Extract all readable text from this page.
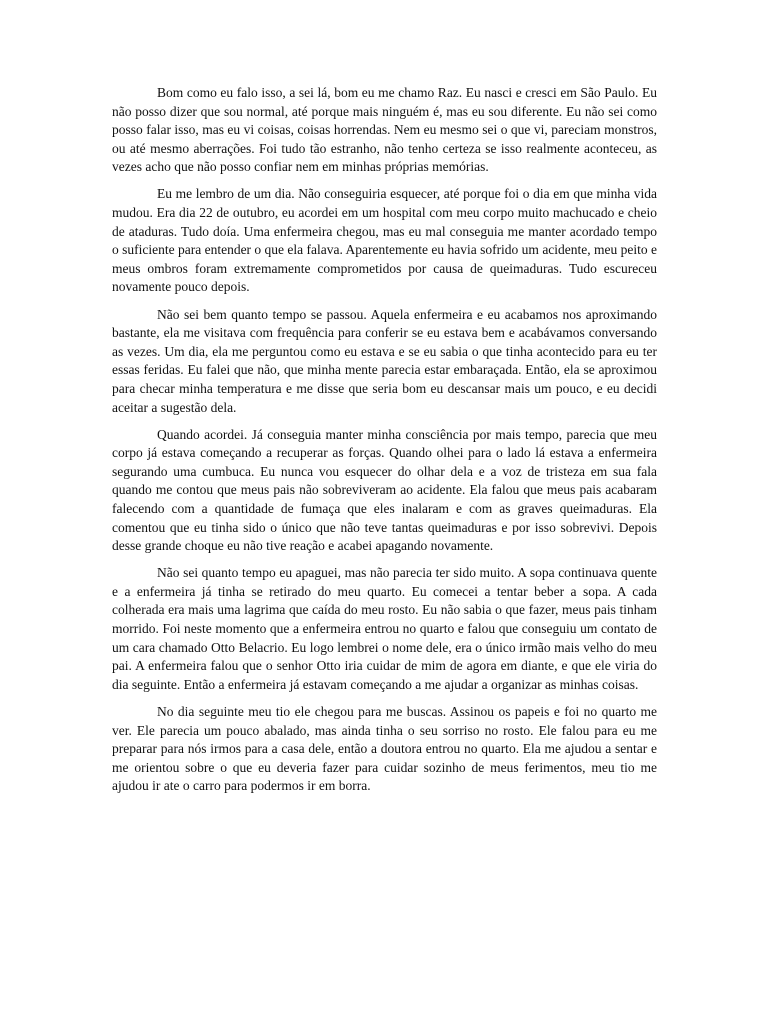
Bom como eu falo isso, a sei lá, bom eu me chamo Raz. Eu nasci e cresci em São Paulo. Eu não posso dizer que sou normal, até porque mais ninguém é, mas eu sou diferente. Eu não sei como posso falar isso, mas eu vi coisas, coisas horrendas. Nem eu mesmo sei o que vi, pareciam monstros, ou até mesmo aberrações. Foi tudo tão estranho, não tenho certeza se isso realmente aconteceu, as vezes acho que não posso confiar nem em minhas próprias memórias.

Eu me lembro de um dia. Não conseguiria esquecer, até porque foi o dia em que minha vida mudou. Era dia 22 de outubro, eu acordei em um hospital com meu corpo muito machucado e cheio de ataduras. Tudo doía. Uma enfermeira chegou, mas eu mal conseguia me manter acordado tempo o suficiente para entender o que ela falava. Aparentemente eu havia sofrido um acidente, meu peito e meus ombros foram extremamente comprometidos por causa de queimaduras. Tudo escureceu novamente pouco depois.

Não sei bem quanto tempo se passou. Aquela enfermeira e eu acabamos nos aproximando bastante, ela me visitava com frequência para conferir se eu estava bem e acabávamos conversando as vezes. Um dia, ela me perguntou como eu estava e se eu sabia o que tinha acontecido para eu ter essas feridas. Eu falei que não, que minha mente parecia estar embaraçada. Então, ela se aproximou para checar minha temperatura e me disse que seria bom eu descansar mais um pouco, e eu decidi aceitar a sugestão dela.

Quando acordei. Já conseguia manter minha consciência por mais tempo, parecia que meu corpo já estava começando a recuperar as forças. Quando olhei para o lado lá estava a enfermeira segurando uma cumbuca. Eu nunca vou esquecer do olhar dela e a voz de tristeza em sua fala quando me contou que meus pais não sobreviveram ao acidente. Ela falou que meus pais acabaram falecendo com a quantidade de fumaça que eles inalaram e com as graves queimaduras. Ela comentou que eu tinha sido o único que não teve tantas queimaduras e por isso sobrevivi. Depois desse grande choque eu não tive reação e acabei apagando novamente.

Não sei quanto tempo eu apaguei, mas não parecia ter sido muito. A sopa continuava quente e a enfermeira já tinha se retirado do meu quarto. Eu comecei a tentar beber a sopa. A cada colherada era mais uma lagrima que caída do meu rosto. Eu não sabia o que fazer, meus pais tinham morrido. Foi neste momento que a enfermeira entrou no quarto e falou que conseguiu um contato de um cara chamado Otto Belacrio. Eu logo lembrei o nome dele, era o único irmão mais velho do meu pai. A enfermeira falou que o senhor Otto iria cuidar de mim de agora em diante, e que ele viria do dia seguinte. Então a enfermeira já estavam começando a me ajudar a organizar as minhas coisas.

No dia seguinte meu tio ele chegou para me buscas. Assinou os papeis e foi no quarto me ver. Ele parecia um pouco abalado, mas ainda tinha o seu sorriso no rosto. Ele falou para eu me preparar para nós irmos para a casa dele, então a doutora entrou no quarto. Ela me ajudou a sentar e me orientou sobre o que eu deveria fazer para cuidar sozinho de meus ferimentos, meu tio me ajudou ir ate o carro para podermos ir em borra.
